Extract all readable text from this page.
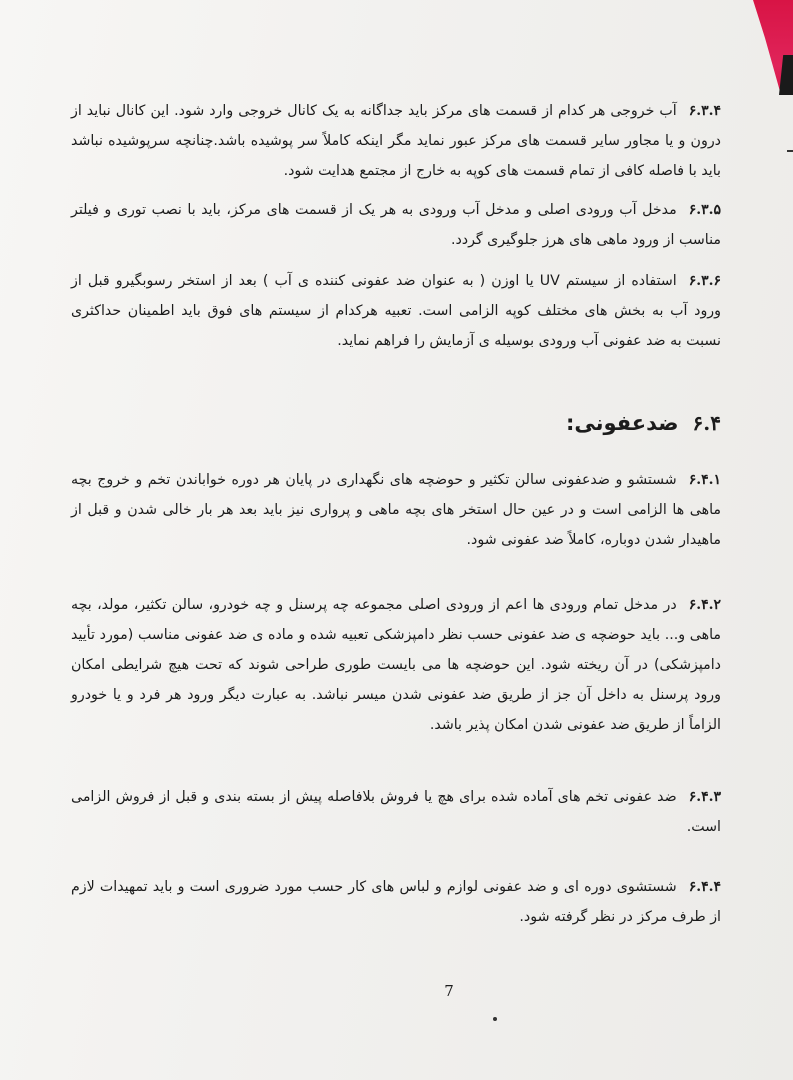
۶.۳.۴آب خروجی هر کدام از قسمت های مرکز باید جداگانه به یک کانال خروجی وارد شود. این کانال نباید از درون و یا مجاور سایر قسمت های مرکز عبور نماید مگر اینکه کاملاً سر پوشیده باشد.چنانچه سرپوشیده نباشد باید با فاصله کافی از تمام قسمت های کوپه به خارج از مجتمع هدایت شود.
۶.۳.۵مدخل آب ورودی اصلی و مدخل آب ورودی به هر یک از قسمت های مرکز، باید با نصب توری و فیلتر مناسب از ورود ماهی های هرز جلوگیری گردد.
۶.۳.۶استفاده از سیستم UV یا اوزن ( به عنوان ضد عفونی کننده ی آب ) بعد از استخر رسوبگیرو قبل از ورود آب به بخش های مختلف کوپه الزامی است. تعبیه هرکدام از سیستم های فوق باید اطمینان حداکثری نسبت به ضد عفونی آب ورودی بوسیله ی آزمایش را فراهم نماید.
۶.۴ضدعفونی:
۶.۴.۱شستشو و ضدعفونی سالن تکثیر و حوضچه های نگهداری در پایان هر دوره خواباندن تخم و خروج بچه ماهی ها الزامی است و در عین حال استخر های بچه ماهی و پرواری نیز باید بعد هر بار خالی شدن و قبل از ماهیدار شدن دوباره، کاملاً ضد عفونی شود.
۶.۴.۲در مدخل تمام ورودی ها اعم از ورودی اصلی مجموعه چه پرسنل و چه خودرو، سالن تکثیر، مولد، بچه ماهی و... باید حوضچه ی ضد عفونی حسب نظر دامپزشکی تعبیه شده و ماده ی ضد عفونی مناسب (مورد تأیید دامپزشکی) در آن ریخته شود. این حوضچه ها می بایست طوری طراحی شوند که تحت هیچ شرایطی امکان ورود پرسنل به داخل آن جز از طریق ضد عفونی شدن میسر نباشد. به عبارت دیگر ورود هر فرد و یا خودرو الزاماً از طریق ضد عفونی شدن امکان پذیر باشد.
۶.۴.۳ضد عفونی تخم های آماده شده برای هچ یا فروش بلافاصله پیش از بسته بندی و قبل از فروش الزامی است.
۶.۴.۴شستشوی دوره ای و ضد عفونی لوازم و لباس های کار حسب مورد ضروری است و باید تمهیدات لازم از طرف مرکز در نظر گرفته شود.
7
